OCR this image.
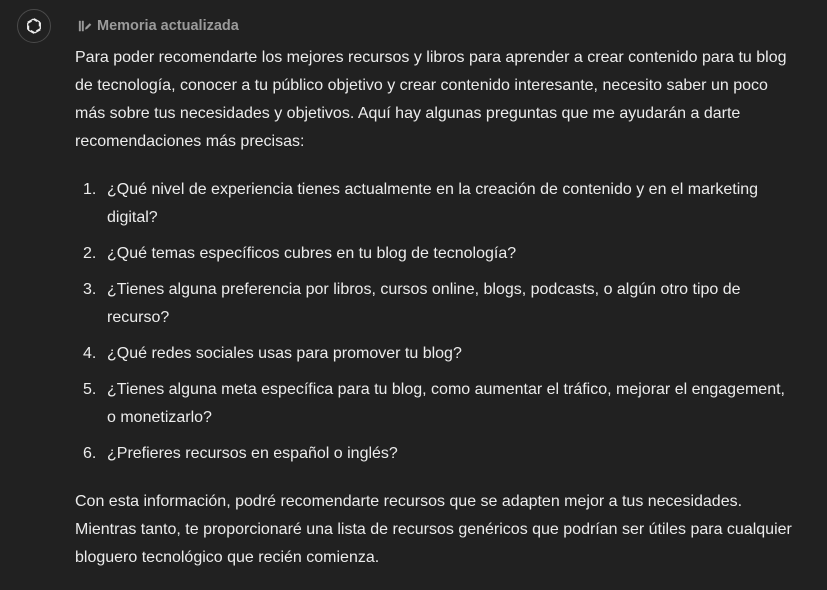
Memoria actualizada

Para poder recomendarte los mejores recursos y libros para aprender a crear contenido para tu blog de tecnología, conocer a tu público objetivo y crear contenido interesante, necesito saber un poco más sobre tus necesidades y objetivos. Aquí hay algunas preguntas que me ayudarán a darte recomendaciones más precisas:

1. ¿Qué nivel de experiencia tienes actualmente en la creación de contenido y en el marketing digital?
2. ¿Qué temas específicos cubres en tu blog de tecnología?
3. ¿Tienes alguna preferencia por libros, cursos online, blogs, podcasts, o algún otro tipo de recurso?
4. ¿Qué redes sociales usas para promover tu blog?
5. ¿Tienes alguna meta específica para tu blog, como aumentar el tráfico, mejorar el engagement, o monetizarlo?
6. ¿Prefieres recursos en español o inglés?

Con esta información, podré recomendarte recursos que se adapten mejor a tus necesidades. Mientras tanto, te proporcionaré una lista de recursos genéricos que podrían ser útiles para cualquier bloguero tecnológico que recién comienza.
